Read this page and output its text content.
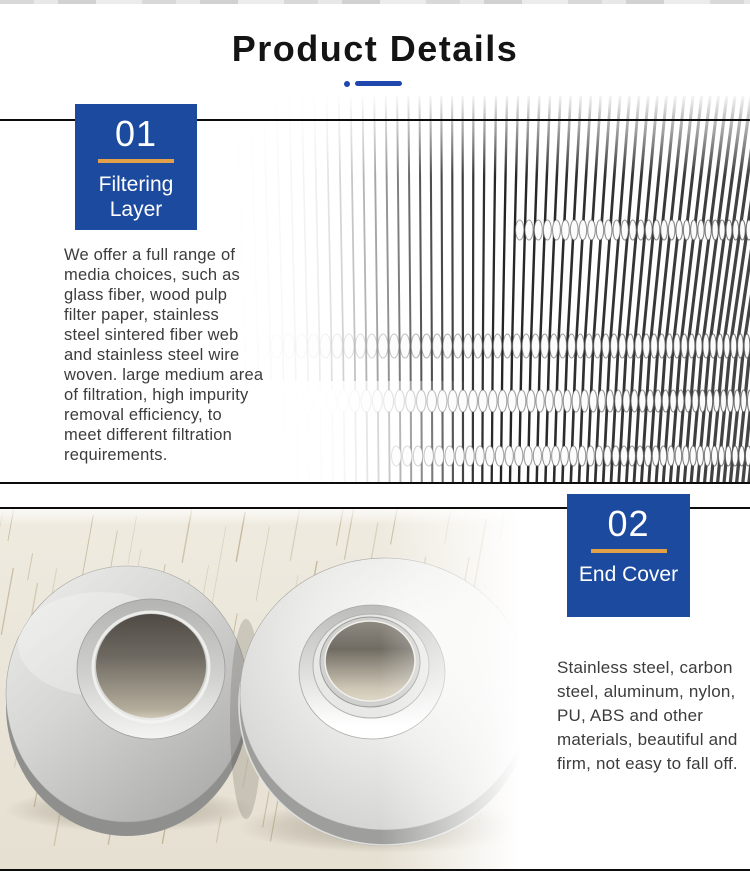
Product Details
01
Filtering Layer

We offer a full range of
media choices, such as
glass fiber, wood pulp
filter paper, stainless
steel sintered fiber web
and stainless steel wire
woven. large medium area
of filtration, high impurity
removal efficiency, to
meet different filtration
requirements.

02
End Cover

Stainless steel, carbon
steel, aluminum, nylon,
PU, ABS and other
materials, beautiful and
firm, not easy to fall off.
